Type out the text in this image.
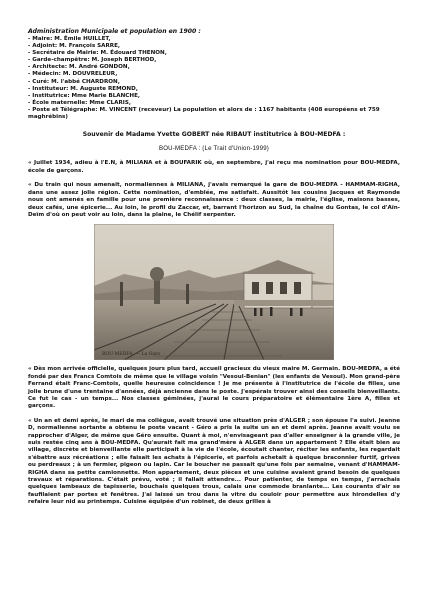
Administration Municipale et population en 1900 :
- Maire: M. Émile HUILLET,
- Adjoint: M. François SARRE,
- Secrétaire de Mairie: M. Édouard THENON,
- Garde-champêtre: M. Joseph BERTHOD,
- Architecte: M. André GONDON,
- Médecin: M. DOUVRELEUR,
- Curé: M. l'abbé CHARDRON,
- Instituteur: M. Auguste REMOND,
- Institutrice: Mme Marie BLANCHE,
- École maternelle: Mme CLARIS,
- Poste et Télégraphe: M. VINCENT (receveur) La population et alors de : 1167 habitants (408 européens et 759 maghrébins)
Souvenir de Madame Yvette GOBERT née RIBAUT institutrice à BOU-MEDFA :
BOU-MEDFA : (Le Trait d'Union-1999)

« Juillet 1934, adieu à l'E.N, à MILIANA et à BOUFARIK où, en septembre, j'ai reçu ma nomination pour BOU-MEDFA, école de garçons.

« Du train qui nous amenait, normaliennes à MILIANA, j'avais remarqué la gare de BOU-MEDFA - HAMMAM-RIGHA, dans une assez jolie région. Cette nomination, d'emblée, me satisfait. Aussitôt les cousins Jacques et Raymonde nous ont amenés en famille pour une première reconnaissance : deux classes, la mairie, l'église, maisons basses, deux cafés, une épicerie... Au loin, le profil du Zaccar, et, barrant l'horizon au Sud, la chaîne du Gontas, le col d'Aïn-Deïm d'où on peut voir au loin, dans la plaine, le Chélif serpenter.

BOU-MEDFA. — La Gare

« Dès mon arrivée officielle, quelques jours plus tard, accueil gracieux du vieux maire M. Germain. BOU-MEDFA, a été fondé par des Francs Comtois de même que le village voisin "Vesoul-Benian" (les enfants de Vesoul). Mon grand-père Ferrand était Franc-Comtois, quelle heureuse coïncidence ! Je me présente à l'institutrice de l'école de filles, une jolie brune d'une trentaine d'années, déjà ancienne dans le poste. J'espérais trouver ainsi des conseils bienveillants. Ce fut le cas - un temps... Nos classes géminées, j'aurai le cours préparatoire et élémentaire 1ère A, filles et garçons.

« Un an et demi après, le mari de ma collègue, avait trouvé une situation près d'ALGER ; son épouse l'a suivi. Jeanne D, normalienne sortante a obtenu le poste vacant - Géro a pris la suite un an et demi après. Jeanne avait voulu se rapprocher d'Alger, de même que Géro ensuite. Quant à moi, n'envisageant pas d'aller enseigner à la grande ville, je suis restée cinq ans à BOU-MEDFA. Qu'aurait fait ma grand'mère à ALGER dans un appartement ? Elle était bien au village, discrète et bienveillante elle participait à la vie de l'école, écoutait chanter, réciter les enfants, les regardait s'ébattre aux récréations ; elle faisait les achats à l'épicerie, et parfois achetait à quelque braconnier furtif, grives ou perdreaux ; à un fermier, pigeon ou lapin. Car le boucher ne passait qu'une fois par semaine, venant d'HAMMAM-RIGHA dans sa petite camionnette. Mon appartement, deux pièces et une cuisine avaient grand besoin de quelques travaux et réparations. C'était prévu, voté ; il fallait attendre... Pour patienter, de temps en temps, j'arrachais quelques lambeaux de tapisserie, bouchais quelques trous, calais une commode branlante... Les courants d'air se faufilaient par portes et fenêtres. J'ai laissé un trou dans la vitre du couloir pour permettre aux hirondelles d'y refaire leur nid au printemps. Cuisine équipée d'un robinet, de deux grilles à
